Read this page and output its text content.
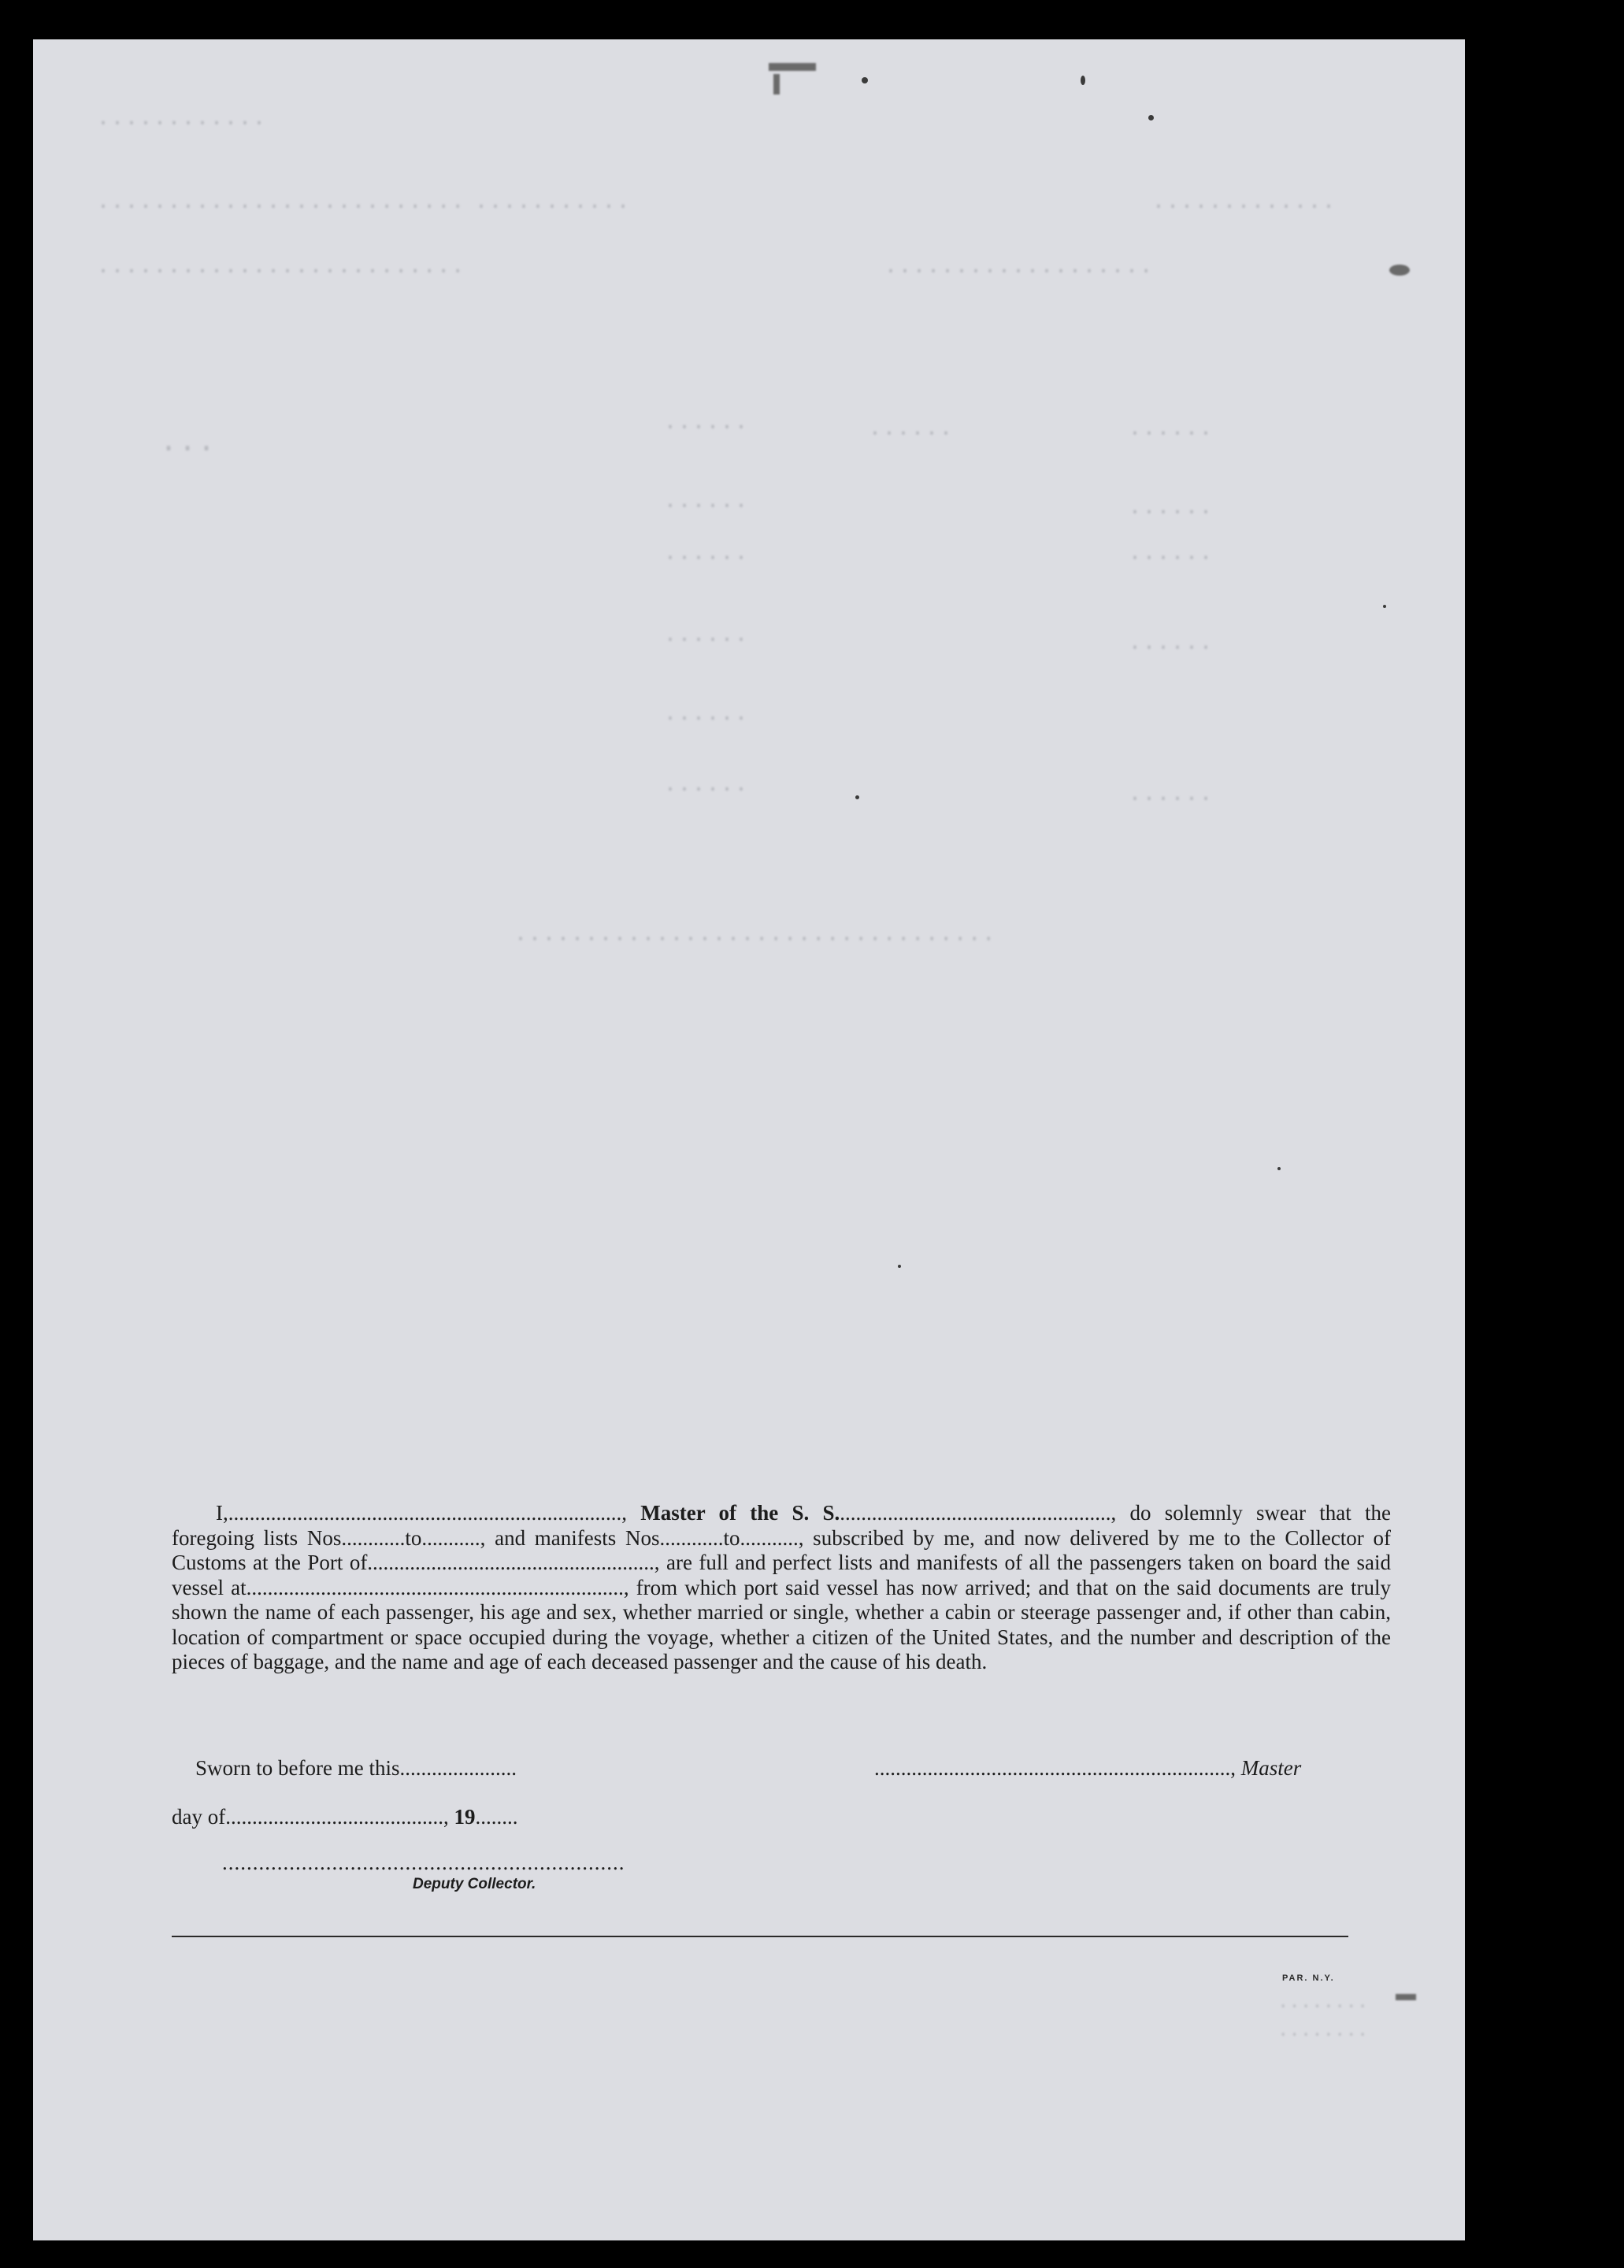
............
.......................... ...........	.............
..........................	...................
...
......	......	......
......	......
......	......
......	......
......
......	......
..................................
........
........

I,.........................................................................., Master of the S. S...................................................., do solemnly swear that the foregoing lists Nos............to..........., and manifests Nos............to..........., subscribed by me, and now delivered by me to the Collector of Customs at the Port of......................................................, are full and perfect lists and manifests of all the passengers taken on board the said vessel at......................................................................., from which port said vessel has now arrived; and that on the said documents are truly shown the name of each passenger, his age and sex, whether married or single, whether a cabin or steerage passenger and, if other than cabin, location of compartment or space occupied during the voyage, whether a citizen of the United States, and the number and description of the pieces of baggage, and the name and age of each deceased passenger and the cause of his death.

Sworn to before me this......................	..................................................................., Master
day of........................................., 19........
..................................................................
Deputy Collector.
PAR. N.Y.
